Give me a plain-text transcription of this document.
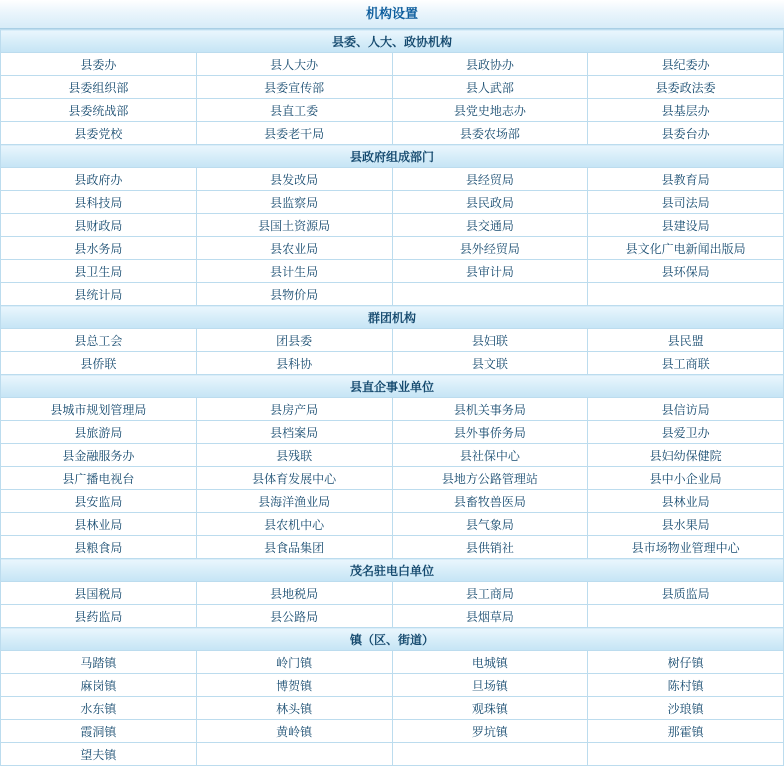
机构设置
县委、人大、政协机构			
县委办	县人大办	县政协办	县纪委办
县委组织部	县委宣传部	县人武部	县委政法委
县委统战部	县直工委	县党史地志办	县基层办
县委党校	县委老干局	县委农场部	县委台办
县政府组成部门			
县政府办	县发改局	县经贸局	县教育局
县科技局	县监察局	县民政局	县司法局
县财政局	县国土资源局	县交通局	县建设局
县水务局	县农业局	县外经贸局	县文化广电新闻出版局
县卫生局	县计生局	县审计局	县环保局
县统计局	县物价局		
群团机构			
县总工会	团县委	县妇联	县民盟
县侨联	县科协	县文联	县工商联
县直企事业单位			
县城市规划管理局	县房产局	县机关事务局	县信访局
县旅游局	县档案局	县外事侨务局	县爱卫办
县金融服务办	县残联	县社保中心	县妇幼保健院
县广播电视台	县体育发展中心	县地方公路管理站	县中小企业局
县安监局	县海洋渔业局	县畜牧兽医局	县林业局
县林业局	县农机中心	县气象局	县水果局
县粮食局	县食品集团	县供销社	县市场物业管理中心
茂名驻电白单位			
县国税局	县地税局	县工商局	县质监局
县药监局	县公路局	县烟草局	
镇（区、街道）			
马踏镇	岭门镇	电城镇	树仔镇
麻岗镇	博贺镇	旦场镇	陈村镇
水东镇	林头镇	观珠镇	沙琅镇
霞洞镇	黄岭镇	罗坑镇	那霍镇
望夫镇			
